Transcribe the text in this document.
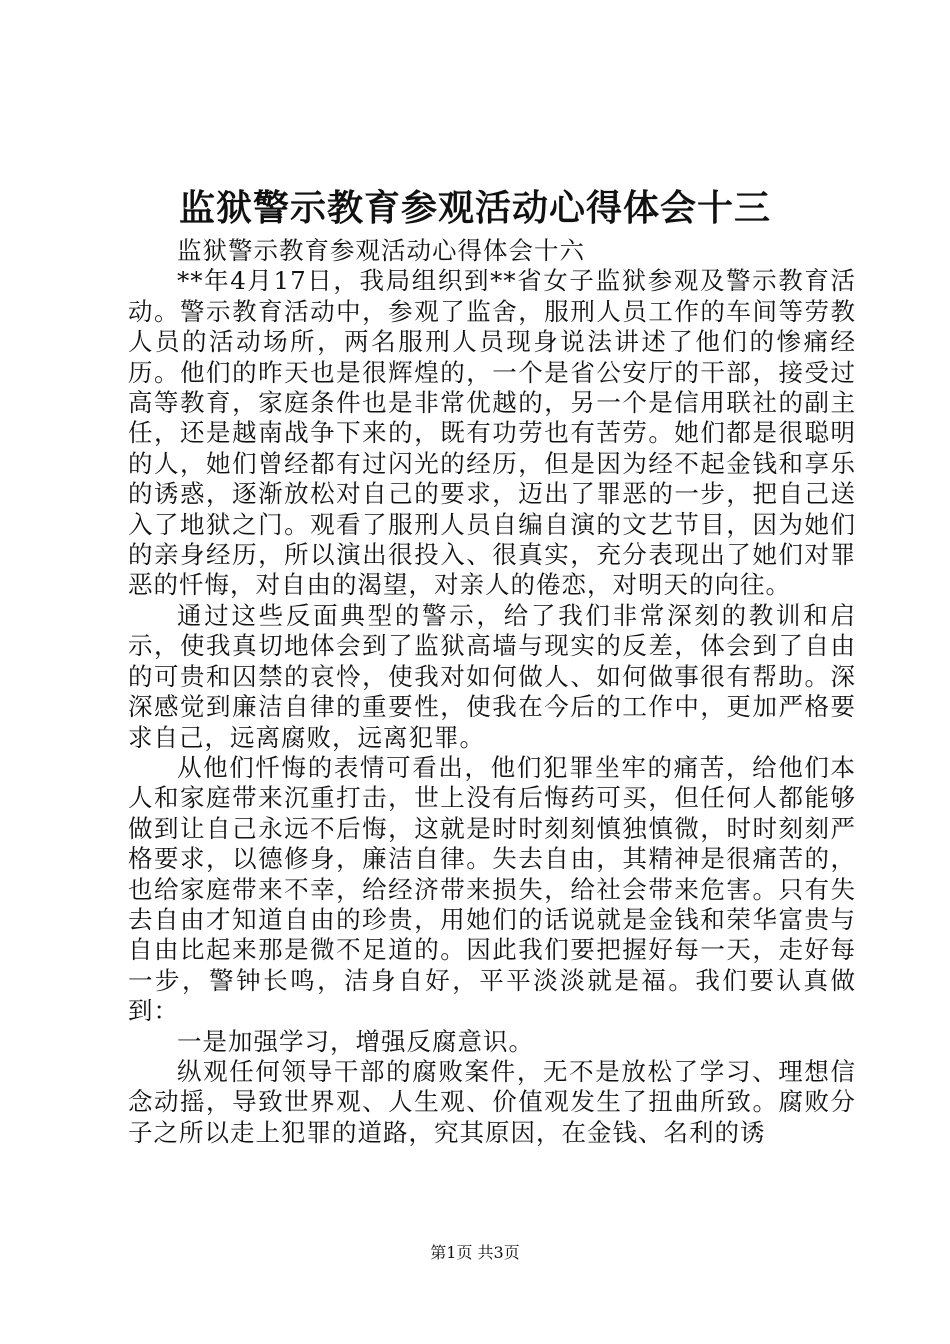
监狱警示教育参观活动心得体会十三

监狱警示教育参观活动心得体会十六

**年4月17日，我局组织到**省女子监狱参观及警示教育活动。警示教育活动中，参观了监舍，服刑人员工作的车间等劳教人员的活动场所，两名服刑人员现身说法讲述了他们的惨痛经历。他们的昨天也是很辉煌的，一个是省公安厅的干部，接受过高等教育，家庭条件也是非常优越的，另一个是信用联社的副主任，还是越南战争下来的，既有功劳也有苦劳。她们都是很聪明的人，她们曾经都有过闪光的经历，但是因为经不起金钱和享乐的诱惑，逐渐放松对自己的要求，迈出了罪恶的一步，把自己送入了地狱之门。观看了服刑人员自编自演的文艺节目，因为她们的亲身经历，所以演出很投入、很真实，充分表现出了她们对罪恶的忏悔，对自由的渴望，对亲人的倦恋，对明天的向往。

通过这些反面典型的警示，给了我们非常深刻的教训和启示，使我真切地体会到了监狱高墙与现实的反差，体会到了自由的可贵和囚禁的哀怜，使我对如何做人、如何做事很有帮助。深深感觉到廉洁自律的重要性，使我在今后的工作中，更加严格要求自己，远离腐败，远离犯罪。

从他们忏悔的表情可看出，他们犯罪坐牢的痛苦，给他们本人和家庭带来沉重打击，世上没有后悔药可买，但任何人都能够做到让自己永远不后悔，这就是时时刻刻慎独慎微，时时刻刻严格要求，以德修身，廉洁自律。失去自由，其精神是很痛苦的，也给家庭带来不幸，给经济带来损失，给社会带来危害。只有失去自由才知道自由的珍贵，用她们的话说就是金钱和荣华富贵与自由比起来那是微不足道的。因此我们要把握好每一天，走好每一步，警钟长鸣，洁身自好，平平淡淡就是福。我们要认真做到：

一是加强学习，增强反腐意识。

纵观任何领导干部的腐败案件，无不是放松了学习、理想信念动摇，导致世界观、人生观、价值观发生了扭曲所致。腐败分子之所以走上犯罪的道路，究其原因，在金钱、名利的诱

第1页 共3页
